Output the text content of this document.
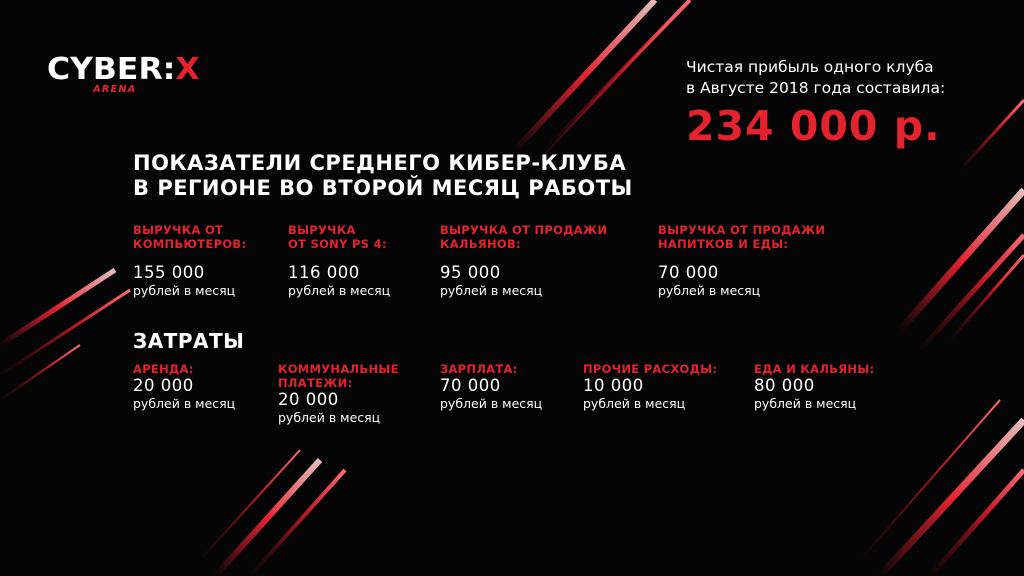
CYBER:X
ARENA
Чистая прибыль одного клуба
в Августе 2018 года составила:
234 000 р.
ПОКАЗАТЕЛИ СРЕДНЕГО КИБЕР-КЛУБА
В РЕГИОНЕ ВО ВТОРОЙ МЕСЯЦ РАБОТЫ
ВЫРУЧКА ОТ
КОМПЬЮТЕРОВ:
155 000
рублей в месяц
ВЫРУЧКА
ОТ SONY PS 4:
116 000
рублей в месяц
ВЫРУЧКА ОТ ПРОДАЖИ
КАЛЬЯНОВ:
95 000
рублей в месяц
ВЫРУЧКА ОТ ПРОДАЖИ
НАПИТКОВ И ЕДЫ:
70 000
рублей в месяц
ЗАТРАТЫ
АРЕНДА:
20 000
рублей в месяц
КОММУНАЛЬНЫЕ
ПЛАТЕЖИ:
20 000
рублей в месяц
ЗАРПЛАТА:
70 000
рублей в месяц
ПРОЧИЕ РАСХОДЫ:
10 000
рублей в месяц
ЕДА И КАЛЬЯНЫ:
80 000
рублей в месяц
